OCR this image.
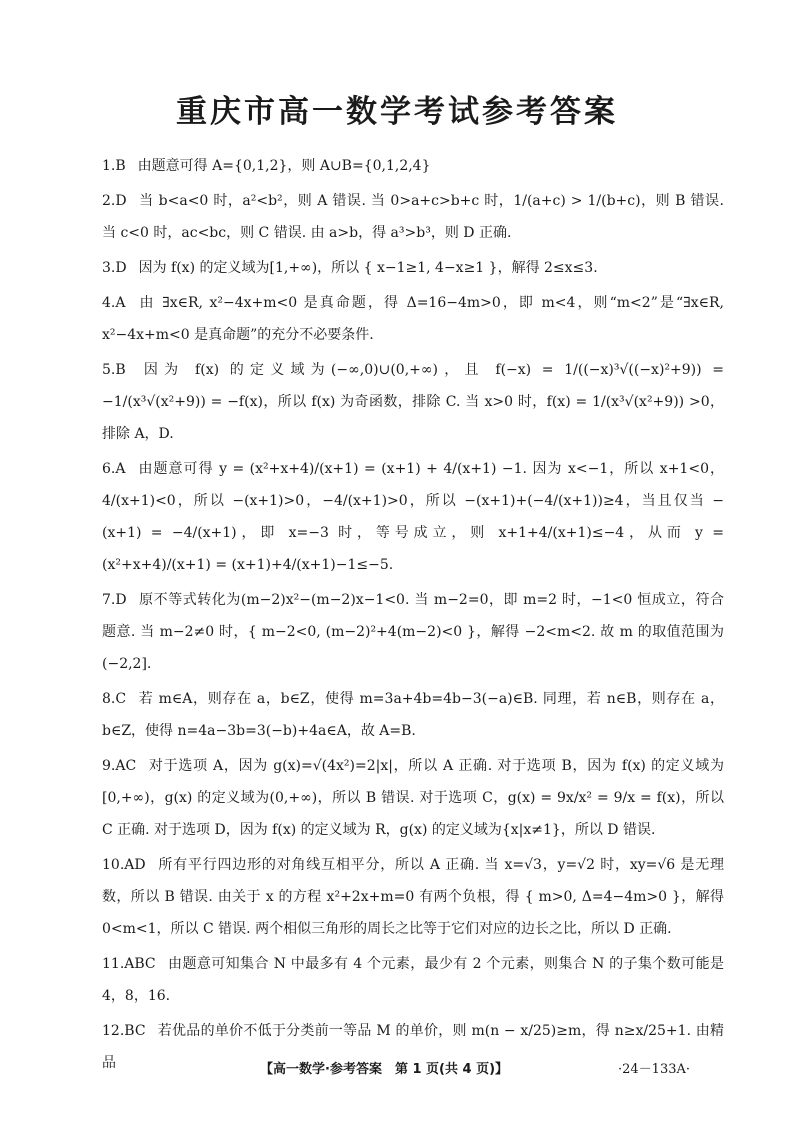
重庆市高一数学考试参考答案
1.B 由题意可得 A={0,1,2}，则 A∪B={0,1,2,4}
2.D 当 b<a<0 时，a²<b²，则 A 错误. 当 0>a+c>b+c 时，1/(a+c) > 1/(b+c)，则 B 错误. 当 c<0 时，ac<bc，则 C 错误. 由 a>b，得 a³>b³，则 D 正确.
3.D 因为 f(x) 的定义域为[1,+∞)，所以 { x−1≥1, 4−x≥1 }，解得 2≤x≤3.
4.A 由 ∃x∈R, x²−4x+m<0 是真命题，得 Δ=16−4m>0，即 m<4，则“m<2”是“∃x∈R, x²−4x+m<0 是真命题”的充分不必要条件.
5.B 因为 f(x) 的定义域为(−∞,0)∪(0,+∞)，且 f(−x) = 1/((−x)³√((−x)²+9)) = −1/(x³√(x²+9)) = −f(x)，所以 f(x) 为奇函数，排除 C. 当 x>0 时，f(x) = 1/(x³√(x²+9)) >0，排除 A，D.
6.A 由题意可得 y = (x²+x+4)/(x+1) = (x+1) + 4/(x+1) −1. 因为 x<−1，所以 x+1<0，4/(x+1)<0，所以 −(x+1)>0，−4/(x+1)>0，所以 −(x+1)+(−4/(x+1))≥4，当且仅当 −(x+1) = −4/(x+1)，即 x=−3 时，等号成立，则 x+1+4/(x+1)≤−4，从而 y = (x²+x+4)/(x+1) = (x+1)+4/(x+1)−1≤−5.
7.D 原不等式转化为(m−2)x²−(m−2)x−1<0. 当 m−2=0，即 m=2 时，−1<0 恒成立，符合题意. 当 m−2≠0 时，{ m−2<0, (m−2)²+4(m−2)<0 }，解得 −2<m<2. 故 m 的取值范围为(−2,2].
8.C 若 m∈A，则存在 a，b∈Z，使得 m=3a+4b=4b−3(−a)∈B. 同理，若 n∈B，则存在 a，b∈Z，使得 n=4a−3b=3(−b)+4a∈A，故 A=B.
9.AC 对于选项 A，因为 g(x)=√(4x²)=2|x|，所以 A 正确. 对于选项 B，因为 f(x) 的定义域为[0,+∞)，g(x) 的定义域为(0,+∞)，所以 B 错误. 对于选项 C，g(x) = 9x/x² = 9/x = f(x)，所以 C 正确. 对于选项 D，因为 f(x) 的定义域为 R，g(x) 的定义域为{x|x≠1}，所以 D 错误.
10.AD 所有平行四边形的对角线互相平分，所以 A 正确. 当 x=√3，y=√2 时，xy=√6 是无理数，所以 B 错误. 由关于 x 的方程 x²+2x+m=0 有两个负根，得 { m>0, Δ=4−4m>0 }，解得 0<m<1，所以 C 错误. 两个相似三角形的周长之比等于它们对应的边长之比，所以 D 正确.
11.ABC 由题意可知集合 N 中最多有 4 个元素，最少有 2 个元素，则集合 N 的子集个数可能是 4，8，16.
12.BC 若优品的单价不低于分类前一等品 M 的单价，则 m(n − x/25)≥m，得 n≥x/25+1. 由精品	【高一数学·参考答案　第 1 页(共 4 页)】	·24－133A·
